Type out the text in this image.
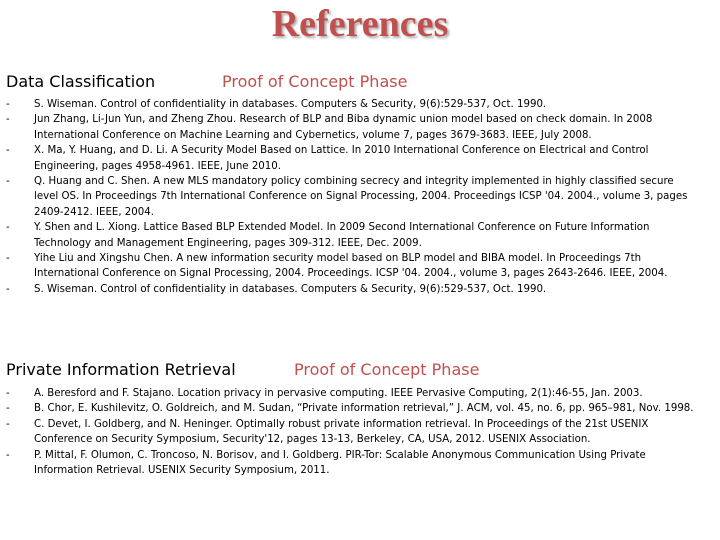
References
Data Classification	Proof of Concept Phase
- S. Wiseman. Control of confidentiality in databases. Computers & Security, 9(6):529-537, Oct. 1990.
- Jun Zhang, Li-Jun Yun, and Zheng Zhou. Research of BLP and Biba dynamic union model based on check domain. In 2008 International Conference on Machine Learning and Cybernetics, volume 7, pages 3679-3683. IEEE, July 2008.
- X. Ma, Y. Huang, and D. Li. A Security Model Based on Lattice. In 2010 International Conference on Electrical and Control Engineering, pages 4958-4961. IEEE, June 2010.
- Q. Huang and C. Shen. A new MLS mandatory policy combining secrecy and integrity implemented in highly classified secure level OS. In Proceedings 7th International Conference on Signal Processing, 2004. Proceedings ICSP '04. 2004., volume 3, pages 2409-2412. IEEE, 2004.
- Y. Shen and L. Xiong. Lattice Based BLP Extended Model. In 2009 Second International Conference on Future Information Technology and Management Engineering, pages 309-312. IEEE, Dec. 2009.
- Yihe Liu and Xingshu Chen. A new information security model based on BLP model and BIBA model. In Proceedings 7th International Conference on Signal Processing, 2004. Proceedings. ICSP '04. 2004., volume 3, pages 2643-2646. IEEE, 2004.
- S. Wiseman. Control of confidentiality in databases. Computers & Security, 9(6):529-537, Oct. 1990.
Private Information Retrieval	Proof of Concept Phase
- A. Beresford and F. Stajano. Location privacy in pervasive computing. IEEE Pervasive Computing, 2(1):46-55, Jan. 2003.
- B. Chor, E. Kushilevitz, O. Goldreich, and M. Sudan, “Private information retrieval,” J. ACM, vol. 45, no. 6, pp. 965–981, Nov. 1998.
- C. Devet, I. Goldberg, and N. Heninger. Optimally robust private information retrieval. In Proceedings of the 21st USENIX Conference on Security Symposium, Security'12, pages 13-13, Berkeley, CA, USA, 2012. USENIX Association.
- P. Mittal, F. Olumon, C. Troncoso, N. Borisov, and I. Goldberg. PIR-Tor: Scalable Anonymous Communication Using Private Information Retrieval. USENIX Security Symposium, 2011.
